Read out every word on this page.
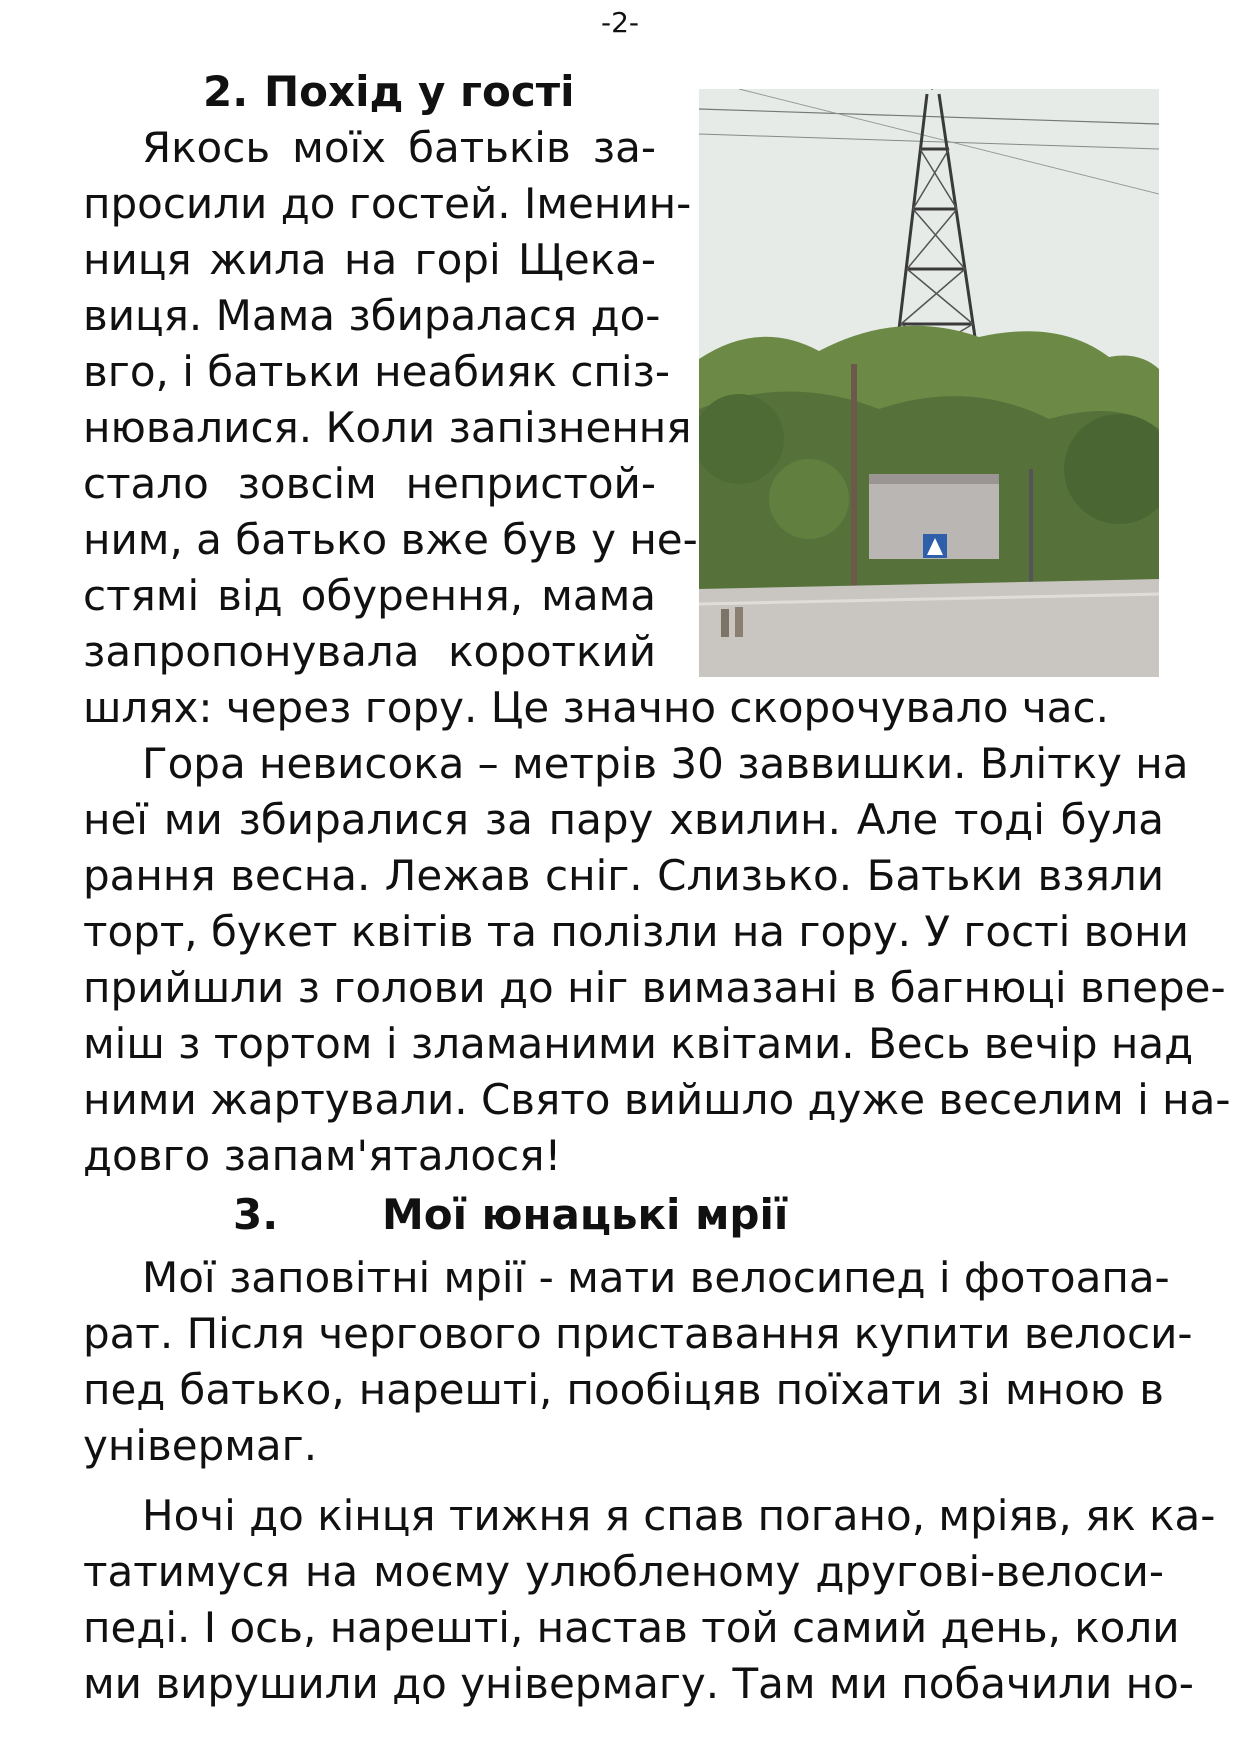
-2-
2. Похід у гості
Якось моїх батьків за-
просили до гостей. Іменин-
ниця жила на горі Щека-
виця. Мама збиралася до-
вго, і батьки неабияк спіз-
нювалися. Коли запізнення
стало зовсім непристой-
ним, а батько вже був у не-
стямі від обурення, мама
запропонувала короткий
шлях: через гору. Це значно скорочувало час.
Гора невисока – метрів 30 заввишки. Влітку на
неї ми збиралися за пару хвилин. Але тоді була
рання весна. Лежав сніг. Слизько. Батьки взяли
торт, букет квітів та полізли на гору. У гості вони
прийшли з голови до ніг вимазані в багнюці впере-
міш з тортом і зламаними квітами. Весь вечір над
ними жартували. Свято вийшло дуже веселим і на-
довго запам'яталося!
3. Мої юнацькі мрії
Мої заповітні мрії - мати велосипед і фотоапа-
рат. Після чергового приставання купити велоси-
пед батько, нарешті, пообіцяв поїхати зі мною в
універмаг.
Ночі до кінця тижня я спав погано, мріяв, як ка-
татимуся на моєму улюбленому другові-велоси-
педі. І ось, нарешті, настав той самий день, коли
ми вирушили до універмагу. Там ми побачили но-
